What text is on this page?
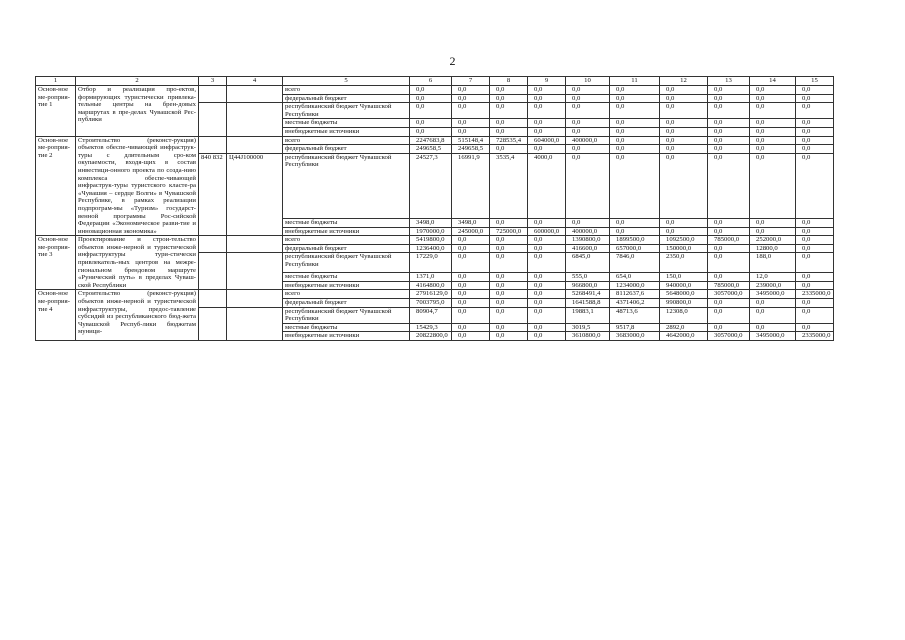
2
1	2	3	4	5	6	7	8	9	10	11	12	13	14	15
Основ-ное ме-роприя-тие 1	Отбор и реализация про-ектов, формирующих туристически привлека-тельные центры на брен-довых маршрутах в пре-делах Чувашской Рес-публики			всего	0,0	0,0	0,0	0,0	0,0	0,0	0,0	0,0	0,0	0,0
				федеральный бюджет	0,0	0,0	0,0	0,0	0,0	0,0	0,0	0,0	0,0	0,0
				республиканский бюджет Чувашской Республики	0,0	0,0	0,0	0,0	0,0	0,0	0,0	0,0	0,0	0,0
				местные бюджеты	0,0	0,0	0,0	0,0	0,0	0,0	0,0	0,0	0,0	0,0
				внебюджетные источники	0,0	0,0	0,0	0,0	0,0	0,0	0,0	0,0	0,0	0,0
Основ-ное ме-роприя-тие 2	Строительство (реконст-рукция) объектов обеспе-чивающей инфраструк-туры с длительным сро-ком окупаемости, входя-щих в состав инвестици-онного проекта по созда-нию комплекса обеспе-чивающей инфраструк-туры туристского класте-ра «Чувашия – сердце Волги» в Чувашской Республике, в рамках реализации подпрограм-мы «Туризм» государст-венной программы Рос-сийской Федерации «Экономическое разви-тие и инновационная экономика»			всего	2247683,8	515148,4	728535,4	604000,0	400000,0	0,0	0,0	0,0	0,0	0,0
				федеральный бюджет	249658,5	249658,5	0,0	0,0	0,0	0,0	0,0	0,0	0,0	0,0
		840 832	Ц44J100000	республиканский бюджет Чувашской Республики	24527,3	16991,9	3535,4	4000,0	0,0	0,0	0,0	0,0	0,0	0,0
				местные бюджеты	3498,0	3498,0	0,0	0,0	0,0	0,0	0,0	0,0	0,0	0,0
				внебюджетные источники	1970000,0	245000,0	725000,0	600000,0	400000,0	0,0	0,0	0,0	0,0	0,0
Основ-ное ме-роприя-тие 3	Проектирование и строи-тельство объектов инже-нерной и туристической инфраструктуры тури-стически привлекатель-ных центров на межре-гиональном брендовом маршруте «Рунический путь» в пределах Чуваш-ской Республики			всего	5419800,0	0,0	0,0	0,0	1390800,0	1899500,0	1092500,0	785000,0	252000,0	0,0
				федеральный бюджет	1236400,0	0,0	0,0	0,0	416600,0	657000,0	150000,0	0,0	12800,0	0,0
				республиканский бюджет Чувашской Республики	17229,0	0,0	0,0	0,0	6845,0	7846,0	2350,0	0,0	188,0	0,0
				местные бюджеты	1371,0	0,0	0,0	0,0	555,0	654,0	150,0	0,0	12,0	0,0
				внебюджетные источники	4164800,0	0,0	0,0	0,0	966800,0	1234000,0	940000,0	785000,0	239000,0	0,0
Основ-ное ме-роприя-тие 4	Строительство (реконст-рукция) объектов инже-нерной и туристической инфраструктуры, предос-тавление субсидий из республиканского бюд-жета Чувашской Респуб-лики бюджетам муници-			всего	27916129,0	0,0	0,0	0,0	5268491,4	8112637,6	5648000,0	3057000,0	3495000,0	2335000,0
				федеральный бюджет	7003795,0	0,0	0,0	0,0	1641588,8	4371406,2	990800,0	0,0	0,0	0,0
				республиканский бюджет Чувашской Республики	80904,7	0,0	0,0	0,0	19883,1	48713,6	12308,0	0,0	0,0	0,0
				местные бюджеты	15429,3	0,0	0,0	0,0	3019,5	9517,8	2892,0	0,0	0,0	0,0
				внебюджетные источники	20822800,0	0,0	0,0	0,0	3610800,0	3683000,0	4642000,0	3057000,0	3495000,0	2335000,0
